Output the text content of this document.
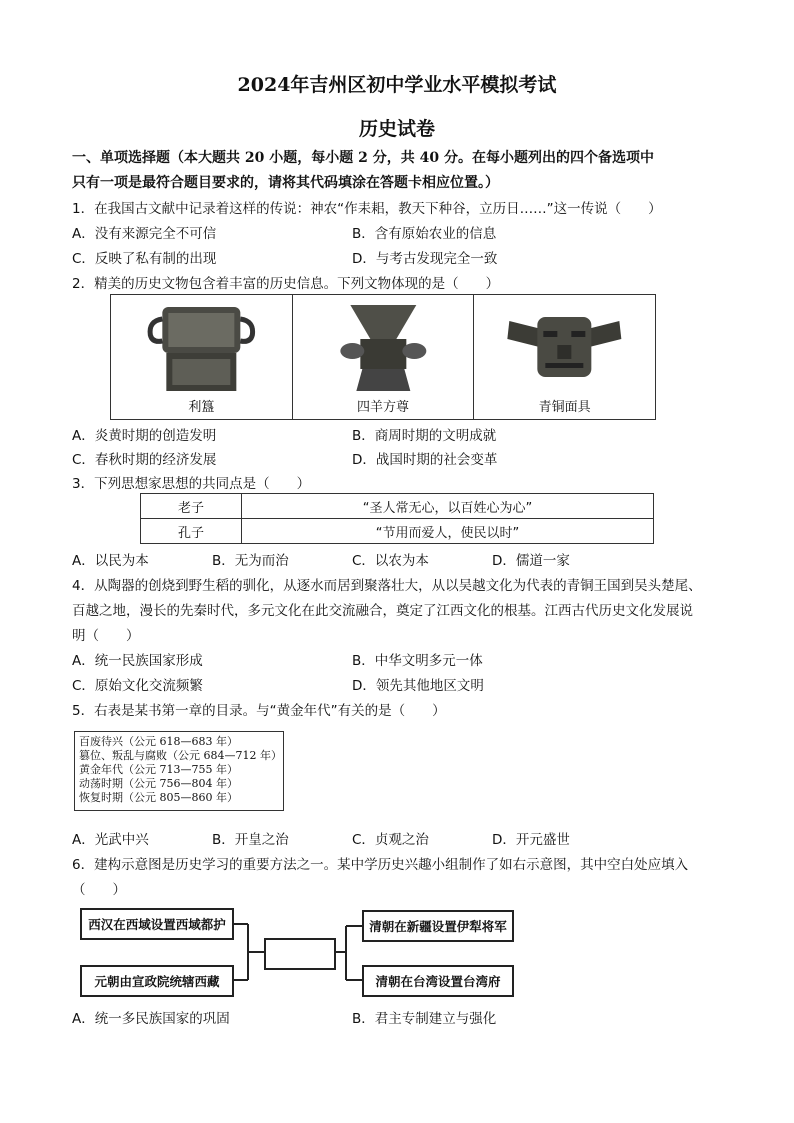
2024年吉州区初中学业水平模拟考试
历史试卷
一、单项选择题（本大题共 20 小题，每小题 2 分，共 40 分。在每小题列出的四个备选项中
只有一项是最符合题目要求的，请将其代码填涂在答题卡相应位置。）
1．在我国古文献中记录着这样的传说：神农“作耒耜，教天下种谷，立历日……”这一传说（　　）
A．没有来源完全不可信	B．含有原始农业的信息
C．反映了私有制的出现	D．与考古发现完全一致
2．精美的历史文物包含着丰富的历史信息。下列文物体现的是（　　）
利簋	四羊方尊	青铜面具
A．炎黄时期的创造发明	B．商周时期的文明成就
C．春秋时期的经济发展	D．战国时期的社会变革
3．下列思想家思想的共同点是（　　）
老子	“圣人常无心，以百姓心为心”
孔子	“节用而爱人，使民以时”
A．以民为本	B．无为而治	C．以农为本	D．儒道一家
4．从陶器的创烧到野生稻的驯化，从逐水而居到聚落壮大，从以吴越文化为代表的青铜王国到吴头楚尾、
百越之地，漫长的先秦时代，多元文化在此交流融合，奠定了江西文化的根基。江西古代历史文化发展说
明（　　）
A．统一民族国家形成	B．中华文明多元一体
C．原始文化交流频繁	D．领先其他地区文明
5．右表是某书第一章的目录。与“黄金年代”有关的是（　　）
百废待兴（公元 618—683 年）
篡位、叛乱与腐败（公元 684—712 年）
黄金年代（公元 713—755 年）
动荡时期（公元 756—804 年）
恢复时期（公元 805—860 年）
A．光武中兴	B．开皇之治	C．贞观之治	D．开元盛世
6．建构示意图是历史学习的重要方法之一。某中学历史兴趣小组制作了如右示意图，其中空白处应填入
（　　）
西汉在西域设置西域都护
元朝由宣政院统辖西藏
清朝在新疆设置伊犁将军
清朝在台湾设置台湾府
A．统一多民族国家的巩固	B．君主专制建立与强化
